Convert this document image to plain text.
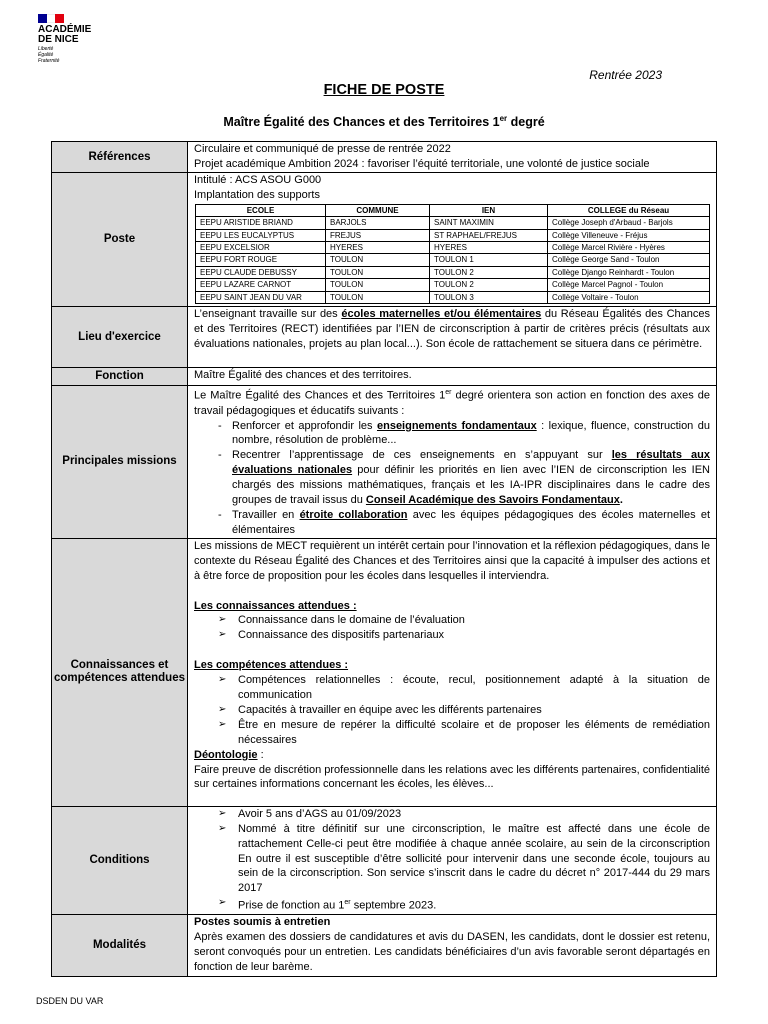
ACADÉMIE
DE NICE
Liberté
Égalité
Fraternité
Rentrée 2023
FICHE DE POSTE
Maître Égalité des Chances et des Territoires 1er degré
Références	
Circulaire et communiqué de presse de rentrée 2022
Projet académique Ambition 2024 : favoriser l’équité territoriale, une volonté de justice sociale

Poste	
Intitulé : ACS ASOU G000
Implantation des supports
ECOLE	COMMUNE	IEN	COLLEGE du Réseau
EEPU ARISTIDE BRIAND	BARJOLS	SAINT MAXIMIN	Collège Joseph d'Arbaud - Barjols
EEPU LES EUCALYPTUS	FREJUS	ST RAPHAEL/FREJUS	Collège Villeneuve - Fréjus
EEPU EXCELSIOR	HYERES	HYERES	Collège Marcel Rivière - Hyères
EEPU FORT ROUGE	TOULON	TOULON 1	Collège George Sand - Toulon
EEPU CLAUDE DEBUSSY	TOULON	TOULON 2	Collège Django Reinhardt - Toulon
EEPU LAZARE CARNOT	TOULON	TOULON 2	Collège Marcel Pagnol - Toulon
EEPU SAINT JEAN DU VAR	TOULON	TOULON 3	Collège Voltaire - Toulon

Lieu d'exercice	L’enseignant travaille sur des écoles maternelles et/ou élémentaires du Réseau Égalités des Chances et des Territoires (RECT) identifiées par l’IEN de circonscription à partir de critères précis (résultats aux évaluations nationales, projets au plan local...). Son école de rattachement se situera dans ce périmètre.
Fonction	Maître Égalité des chances et des territoires.
Principales missions	
Le Maître Égalité des Chances et des Territoires 1er degré orientera son action en fonction des axes de travail pédagogiques et éducatifs suivants :
- Renforcer et approfondir les enseignements fondamentaux : lexique, fluence, construction du nombre, résolution de problème...
- Recentrer l’apprentissage de ces enseignements en s’appuyant sur les résultats aux évaluations nationales pour définir les priorités en lien avec l’IEN de circonscription les IEN chargés des missions mathématiques, français et les IA-IPR disciplinaires dans le cadre des groupes de travail issus du Conseil Académique des Savoirs Fondamentaux.
- Travailler en étroite collaboration avec les équipes pédagogiques des écoles maternelles et élémentaires

Connaissances et compétences attendues	
Les missions de MECT requièrent un intérêt certain pour l’innovation et la réflexion pédagogiques, dans le contexte du Réseau Égalité des Chances et des Territoires ainsi que la capacité à impulser des actions et à être force de proposition pour les écoles dans lesquelles il interviendra.
Les connaissances attendues :
➢	Connaissance dans le domaine de l’évaluation
➢	Connaissance des dispositifs partenariaux
Les compétences attendues :
➢	Compétences relationnelles : écoute, recul, positionnement adapté à la situation de communication
➢	Capacités à travailler en équipe avec les différents partenaires
➢	Être en mesure de repérer la difficulté scolaire et de proposer les éléments de remédiation nécessaires
Déontologie :
Faire preuve de discrétion professionnelle dans les relations avec les différents partenaires, confidentialité sur certaines informations concernant les écoles, les élèves...

Conditions	
➢	Avoir 5 ans d’AGS au 01/09/2023
➢	Nommé à titre définitif sur une circonscription, le maître est affecté dans une école de rattachement Celle-ci peut être modifiée à chaque année scolaire, au sein de la circonscription En outre il est susceptible d’être sollicité pour intervenir dans une seconde école, toujours au sein de la circonscription. Son service s’inscrit dans le cadre du décret n° 2017-444 du 29 mars 2017
➢	Prise de fonction au 1er septembre 2023.

Modalités	
Postes soumis à entretien
Après examen des dossiers de candidatures et avis du DASEN, les candidats, dont le dossier est retenu, seront convoqués pour un entretien. Les candidats bénéficiaires d’un avis favorable seront départagés en fonction de leur barème.
DSDEN DU VAR
